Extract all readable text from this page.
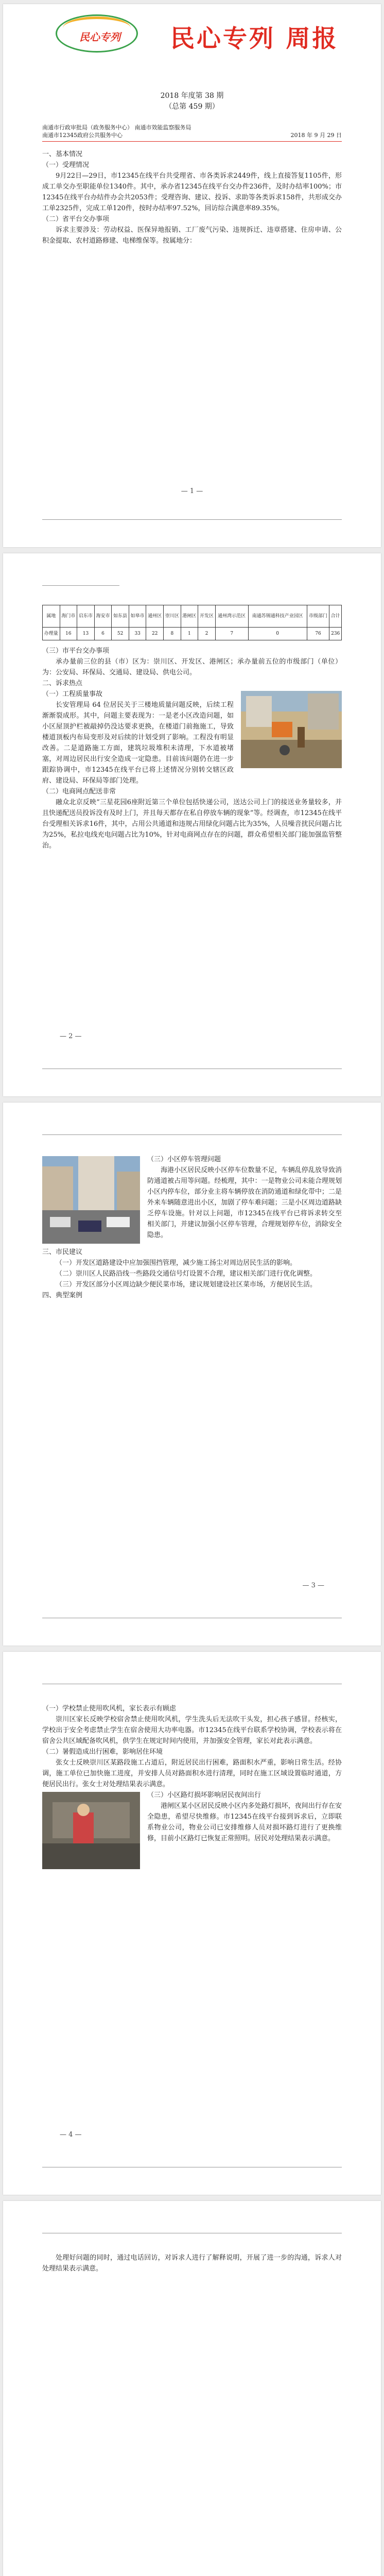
民心专列	民心专列 周报
2018 年度第 38 期
（总第 459 期）
南通市行政审批局（政务服务中心） 南通市效能监察服务局
南通市12345政府公共服务中心	2018 年 9 月 29 日
一、基本情况
（一）受理情况

9月22日—29日，市12345在线平台共受理省、市各类诉求2449件，线上直接答复1105件，形成工单交办至职能单位1340件。其中，承办省12345在线平台交办件236件，及时办结率100%；市12345在线平台办结件办会共2053件；受理咨询、建议、投诉、求助等各类诉求158件，共形成交办工单2325件，完成工单120件，按时办结率97.52%，回访综合满意率89.35%。

（二）省平台交办事项

诉求主要涉及：劳动权益、医保异地报销、工厂废气污染、违规拆迁、违章搭建、住房申请、公积金提取、农村道路修建、电梯维保等。按属地分：

— 1 —
属地	海门市	启东市	海安市	如东县	如皋市	通州区	崇川区	港闸区	开发区	通州湾示范区	南通苏锡通科技产业园区	市级部门	合计
办理量	16	13	6	52	33	22	8	1	2	7	0	76	236
（三）市平台交办事项

承办量前三位的县（市）区为：崇川区、开发区、港闸区；承办量前五位的市级部门（单位）为：公安局、环保局、交通局、建设局、供电公司。

二、诉求热点
（一）工程质量事故

长安管理局 64 位居民关于三楼地质量问题反映，后续工程渐渐裂成形。其中，问题主要表现为：一是老小区改造问题，如小区屋顶护栏被敲掉仍没达要求更换，在楼道门前拖施工，导致楼道顶板内布局变形及对后续的计划受到了影响。工程没有明显改善。二是道路施工方面，建筑垃圾堆积未清理，下水道被堵塞，对周边居民出行安全造成一定隐患。目前该问题仍在进一步跟踪协调中，市12345在线平台已将上述情况分别转交辖区政府、建设局、环保局等部门处理。

（二）电商网点配送非常

融众北京反映“三星花园6座附近第三个单位包括快递公司，送达公司上门的接送业务量较多，并且快递配送员投诉没有及时上门，并且每天都存在私自停放车辆的现象”等。经调查，市12345在线平台受理相关诉求16件，其中，占用公共通道和违规占用绿化问题占比为35%，人员噪音扰民问题占比为25%，私拉电线充电问题占比为10%，针对电商网点存在的问题，群众希望相关部门能加强监管整治。

— 2 —
（三）小区停车管理问题

海港小区居民反映小区停车位数量不足，车辆乱停乱放导致消防通道被占用等问题。经梳理，其中：一是物业公司未能合理规划小区内停车位，部分业主将车辆停放在消防通道和绿化带中；二是外来车辆随意进出小区，加剧了停车难问题；三是小区周边道路缺乏停车设施。针对以上问题，市12345在线平台已将诉求转交至相关部门，并建议加强小区停车管理，合理规划停车位，消除安全隐患。

三、市民建议

（一）开发区道路建设中应加强围挡管理，减少施工扬尘对周边居民生活的影响。

（二）崇川区人民路沿线一些路段交通信号灯设置不合理，建议相关部门进行优化调整。

（三）开发区部分小区周边缺少便民菜市场，建议规划建设社区菜市场，方便居民生活。

四、典型案例
— 3 —
（一）学校禁止使用吹风机，家长表示有顾虑

崇川区家长反映学校宿舍禁止使用吹风机，学生洗头后无法吹干头发，担心孩子感冒。经核实，学校出于安全考虑禁止学生在宿舍使用大功率电器。市12345在线平台联系学校协调，学校表示将在宿舍公共区域配备吹风机，供学生在规定时间内使用，并加强安全管理，家长对此表示满意。

（二）暑假造成出行困难，影响居住环境

张女士反映崇川区某路段施工占道后，附近居民出行困难，路面积水严重，影响日常生活。经协调，施工单位已加快施工进度，并安排人员对路面积水进行清理，同时在施工区域设置临时通道，方便居民出行。张女士对处理结果表示满意。

（三）小区路灯损坏影响居民夜间出行

港闸区某小区居民反映小区内多处路灯损坏，夜间出行存在安全隐患，希望尽快维修。市12345在线平台接到诉求后，立即联系物业公司，物业公司已安排维修人员对损坏路灯进行了更换维修，目前小区路灯已恢复正常照明。居民对处理结果表示满意。

— 4 —

处理好问题的同时，通过电话回访，对诉求人进行了解释说明，开展了进一步的沟通，诉求人对处理结果表示满意。
